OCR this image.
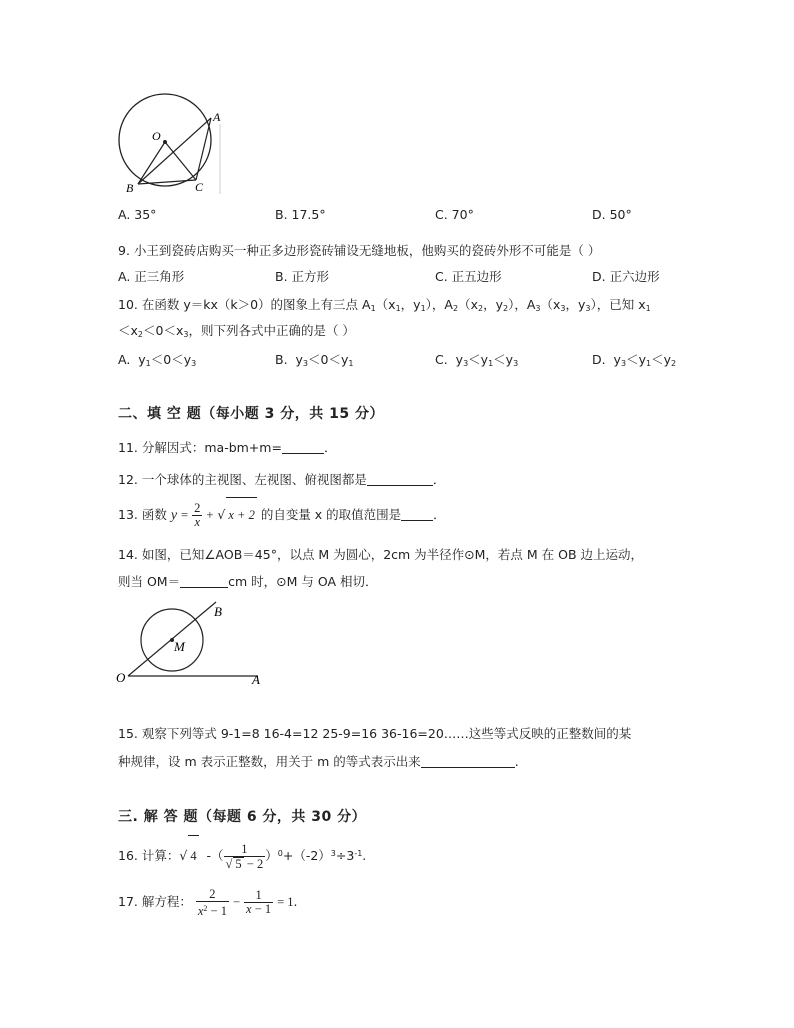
O
A
B	C
A. 35°	B. 17.5°	C. 70°	D. 50°
9. 小王到瓷砖店购买一种正多边形瓷砖铺设无缝地板，他购买的瓷砖外形不可能是（ ）
A. 正三角形	B. 正方形	C. 正五边形	D. 正六边形
10. 在函数 y＝kx（k＞0）的图象上有三点 $A_1(x_1$，$y_1$），$A_2(x_2$，$y_2$），$A_3(x_3$，$y_3$），已知 $x_1$
$<x_2<0<x_3$，则下列各式中正确的是（ ）
A.  $y_1<0<y_3$	B.  $y_3<0<y_1$	C.  $y_3<y_1<y_3$	D.  $y_3<y_1<y_2$
二、填 空 题（每小题 3 分，共 15 分）
11. 分解因式：ma-bm+m=	．
12. 一个球体的主视图、左视图、俯视图都是	．
13. 函数 $y = \frac{2}{x}$ + √ x + 2 的自变量 x 的取值范围是	．
14. 如图，已知∠AOB＝45°，以点 M 为圆心，2cm 为半径作⊙M，若点 M 在 OB 边上运动，
则当 OM＝	cm 时，⊙M 与 OA 相切．
O	A
B
M
15. 观察下列等式 9-1=8 16-4=12 25-9=16 36-16=20……这些等式反映的正整数间的某
种规律，设 m 表示正整数，用关于 m 的等式表示出来	.
三. 解 答 题（每题 6 分，共 30 分）
16. 计算：√ 4  -（ $\frac{1}{√ 5 - 2} )^0+(-2)^3\div 3^{-1}$.
17. 解方程： $\frac{2}{x^2 - 1} - \frac{1}{x - 1} = 1$.
